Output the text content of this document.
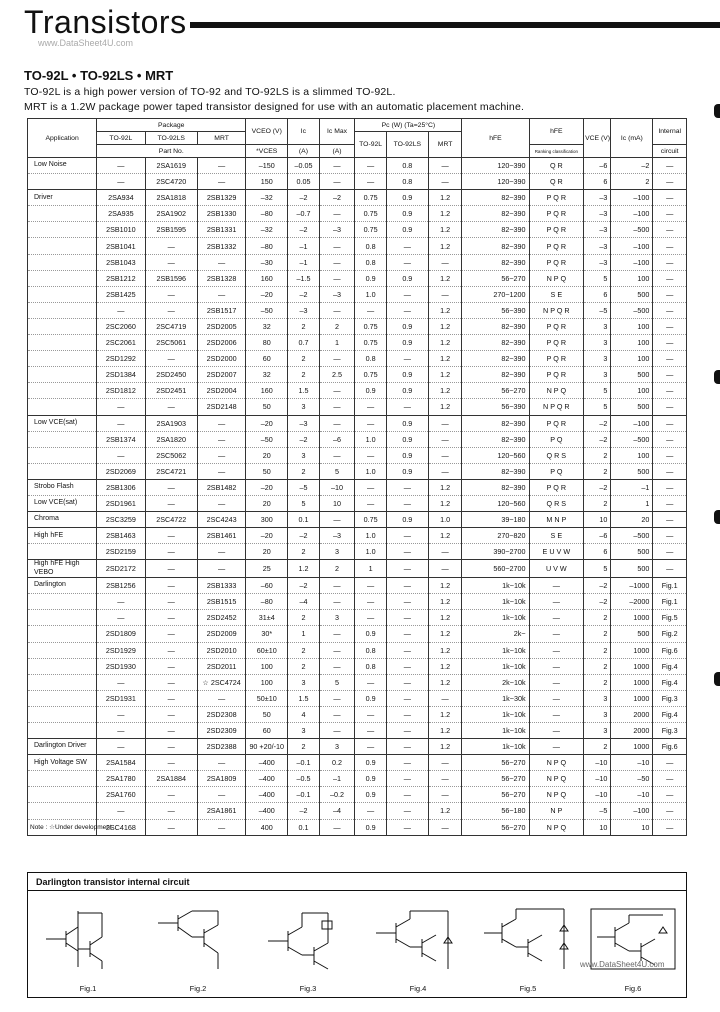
Transistors
www.DataSheet4U.com
TO-92L • TO-92LS • MRT
TO-92L is a high power version of TO-92 and TO-92LS is a slimmed TO-92L.
MRT is a 1.2W package power taped transistor designed for use with an automatic placement machine.
Application	Package			VCEO (V)	Ic	Ic Max	Pc (W) (Ta=25°C)			hFE	hFE	VCE (V)	Ic (mA)	Internal
	TO-92L	TO-92LS	MRT				TO-92L	TO-92LS	MRT					
	Part No.			*VCES	(A)	(A)					Ranking classification			circuit
Low Noise	—	2SA1619	—	–150	–0.05	—	—	0.8	—	120~390	Q R	–6	–2	—
	—	2SC4720	—	150	0.05	—	—	0.8	—	120~390	Q R	6	2	—
Driver	2SA934	2SA1818	2SB1329	–32	–2	–2	0.75	0.9	1.2	82~390	P Q R	–3	–100	—
	2SA935	2SA1902	2SB1330	–80	–0.7	—	0.75	0.9	1.2	82~390	P Q R	–3	–100	—
	2SB1010	2SB1595	2SB1331	–32	–2	–3	0.75	0.9	1.2	82~390	P Q R	–3	–500	—
	2SB1041	—	2SB1332	–80	–1	—	0.8	—	1.2	82~390	P Q R	–3	–100	—
	2SB1043	—	—	–30	–1	—	0.8	—	—	82~390	P Q R	–3	–100	—
	2SB1212	2SB1596	2SB1328	160	–1.5	—	0.9	0.9	1.2	56~270	N P Q	5	100	—
	2SB1425	—	—	–20	–2	–3	1.0	—	—	270~1200	S E	6	500	—
	—	—	2SB1517	–50	–3	—	—	—	1.2	56~390	N P Q R	–5	–500	—
	2SC2060	2SC4719	2SD2005	32	2	2	0.75	0.9	1.2	82~390	P Q R	3	100	—
	2SC2061	2SC5061	2SD2006	80	0.7	1	0.75	0.9	1.2	82~390	P Q R	3	100	—
	2SD1292	—	2SD2000	60	2	—	0.8	—	1.2	82~390	P Q R	3	100	—
	2SD1384	2SD2450	2SD2007	32	2	2.5	0.75	0.9	1.2	82~390	P Q R	3	500	—
	2SD1812	2SD2451	2SD2004	160	1.5	—	0.9	0.9	1.2	56~270	N P Q	5	100	—
	—	—	2SD2148	50	3	—	—	—	1.2	56~390	N P Q R	5	500	—
Low VCE(sat)	—	2SA1903	—	–20	–3	—	—	0.9	—	82~390	P Q R	–2	–100	—
	2SB1374	2SA1820	—	–50	–2	–6	1.0	0.9	—	82~390	P Q	–2	–500	—
	—	2SC5062	—	20	3	—	—	0.9	—	120~560	Q R S	2	100	—
	2SD2069	2SC4721	—	50	2	5	1.0	0.9	—	82~390	P Q	2	500	—
Strobo Flash	2SB1306	—	2SB1482	–20	–5	–10	—	—	1.2	82~390	P Q R	–2	–1	—
Low VCE(sat)	2SD1961	—	—	20	5	10	—	—	1.2	120~560	Q R S	2	1	—
Chroma	2SC3259	2SC4722	2SC4243	300	0.1	—	0.75	0.9	1.0	39~180	M N P	10	20	—
High hFE	2SB1463	—	2SB1461	–20	–2	–3	1.0	—	1.2	270~820	S E	–6	–500	—
	2SD2159	—	—	20	2	3	1.0	—	—	390~2700	E U V W	6	500	—
High hFE High VEBO	2SD2172	—	—	25	1.2	2	1	—	—	560~2700	U V W	5	500	—
Darlington	2SB1256	—	2SB1333	–60	–2	—	—	—	1.2	1k~10k	—	–2	–1000	Fig.1
	—	—	2SB1515	–80	–4	—	—	—	1.2	1k~10k	—	–2	–2000	Fig.1
	—	—	2SD2452	31±4	2	3	—	—	1.2	1k~10k	—	2	1000	Fig.5
	2SD1809	—	2SD2009	30*	1	—	0.9	—	1.2	2k~	—	2	500	Fig.2
	2SD1929	—	2SD2010	60±10	2	—	0.8	—	1.2	1k~10k	—	2	1000	Fig.6
	2SD1930	—	2SD2011	100	2	—	0.8	—	1.2	1k~10k	—	2	1000	Fig.4
	—	—	☆ 2SC4724	100	3	5	—	—	1.2	2k~10k	—	2	1000	Fig.4
	2SD1931	—	—	50±10	1.5	—	0.9	—	—	1k~30k	—	3	1000	Fig.3
	—	—	2SD2308	50	4	—	—	—	1.2	1k~10k	—	3	2000	Fig.4
	—	—	2SD2309	60	3	—	—	—	1.2	1k~10k	—	3	2000	Fig.3
Darlington Driver	—	—	2SD2388	90 +20/-10	2	3	—	—	1.2	1k~10k	—	2	1000	Fig.6
High Voltage SW	2SA1584	—	—	–400	–0.1	0.2	0.9	—	—	56~270	N P Q	–10	–10	—
	2SA1780	2SA1884	2SA1809	–400	–0.5	–1	0.9	—	—	56~270	N P Q	–10	–50	—
	2SA1760	—	—	–400	–0.1	–0.2	0.9	—	—	56~270	N P Q	–10	–10	—
	—	—	2SA1861	–400	–2	–4	—	—	1.2	56~180	N P	–5	–100	—
	2SC4168	—	—	400	0.1	—	0.9	—	—	56~270	N P Q	10	10	—
Note : ☆Under development
Darlington transistor internal circuit
Fig.1	Fig.2	Fig.3	Fig.4	Fig.5	Fig.6
www.DataSheet4U.com
